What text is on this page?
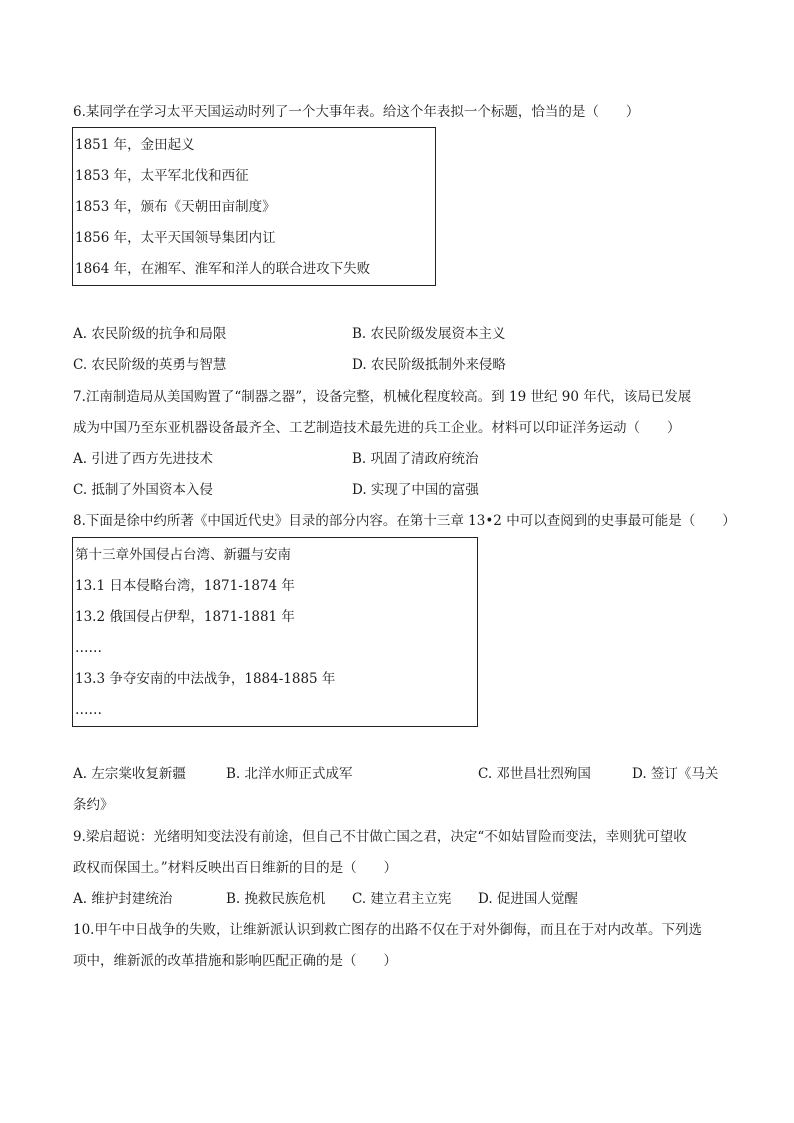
6.某同学在学习太平天国运动时列了一个大事年表。给这个年表拟一个标题，恰当的是（　　）
1851 年，金田起义
1853 年，太平军北伐和西征
1853 年，颁布《天朝田亩制度》
1856 年，太平天国领导集团内讧
1864 年，在湘军、淮军和洋人的联合进攻下失败
A. 农民阶级的抗争和局限	B. 农民阶级发展资本主义
C. 农民阶级的英勇与智慧	D. 农民阶级抵制外来侵略
7.江南制造局从美国购置了“制器之器”，设备完整，机械化程度较高。到 19 世纪 90 年代，该局已发展
成为中国乃至东亚机器设备最齐全、工艺制造技术最先进的兵工企业。材料可以印证洋务运动（　　）
A. 引进了西方先进技术	B. 巩固了清政府统治
C. 抵制了外国资本入侵	D. 实现了中国的富强
8.下面是徐中约所著《中国近代史》目录的部分内容。在第十三章 13•2 中可以查阅到的史事最可能是（　　）
第十三章外国侵占台湾、新疆与安南
13.1 日本侵略台湾，1871-1874 年
13.2 俄国侵占伊犁，1871-1881 年
……
13.3 争夺安南的中法战争，1884-1885 年
……
A. 左宗棠收复新疆	B. 北洋水师正式成军	C. 邓世昌壮烈殉国	D. 签订《马关
条约》
9.梁启超说：光绪明知变法没有前途，但自己不甘做亡国之君，决定“不如姑冒险而变法，幸则犹可望收
政权而保国土。”材料反映出百日维新的目的是（　　）
A. 维护封建统治	B. 挽救民族危机 C. 建立君主立宪 D. 促进国人觉醒
10.甲午中日战争的失败，让维新派认识到救亡图存的出路不仅在于对外御侮，而且在于对内改革。下列选
项中，维新派的改革措施和影响匹配正确的是（　　）
